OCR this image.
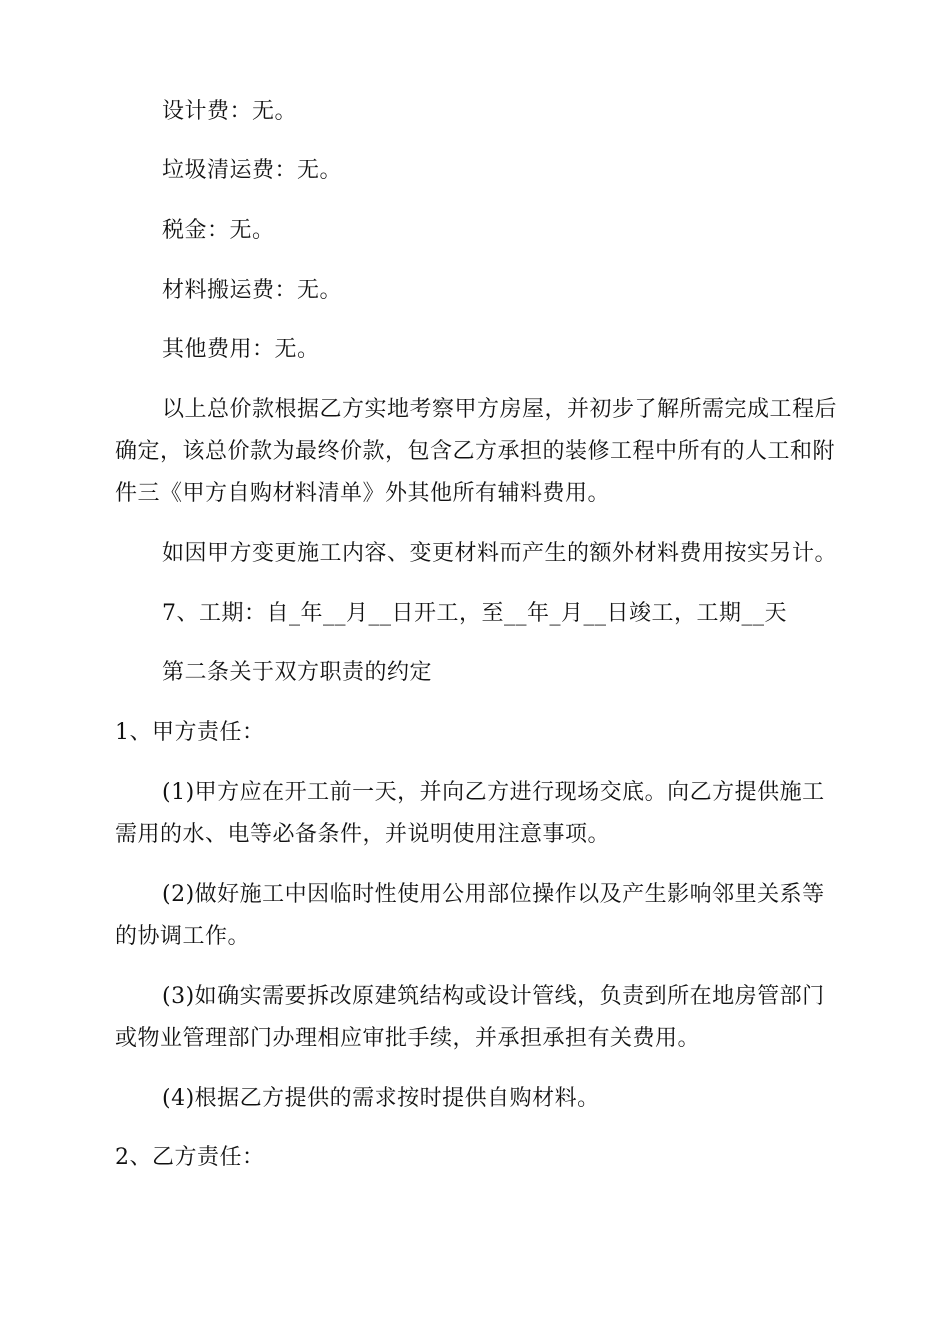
设计费：无。
垃圾清运费：无。
税金：无。
材料搬运费：无。
其他费用：无。
以上总价款根据乙方实地考察甲方房屋，并初步了解所需完成工程后
确定，该总价款为最终价款，包含乙方承担的装修工程中所有的人工和附
件三《甲方自购材料清单》外其他所有辅料费用。
如因甲方变更施工内容、变更材料而产生的额外材料费用按实另计。
7、工期：自_年__月__日开工，至__年_月__日竣工，工期__天
第二条关于双方职责的约定
1、甲方责任：
(1)甲方应在开工前一天，并向乙方进行现场交底。向乙方提供施工
需用的水、电等必备条件，并说明使用注意事项。
(2)做好施工中因临时性使用公用部位操作以及产生影响邻里关系等
的协调工作。
(3)如确实需要拆改原建筑结构或设计管线，负责到所在地房管部门
或物业管理部门办理相应审批手续，并承担承担有关费用。
(4)根据乙方提供的需求按时提供自购材料。
2、乙方责任：
